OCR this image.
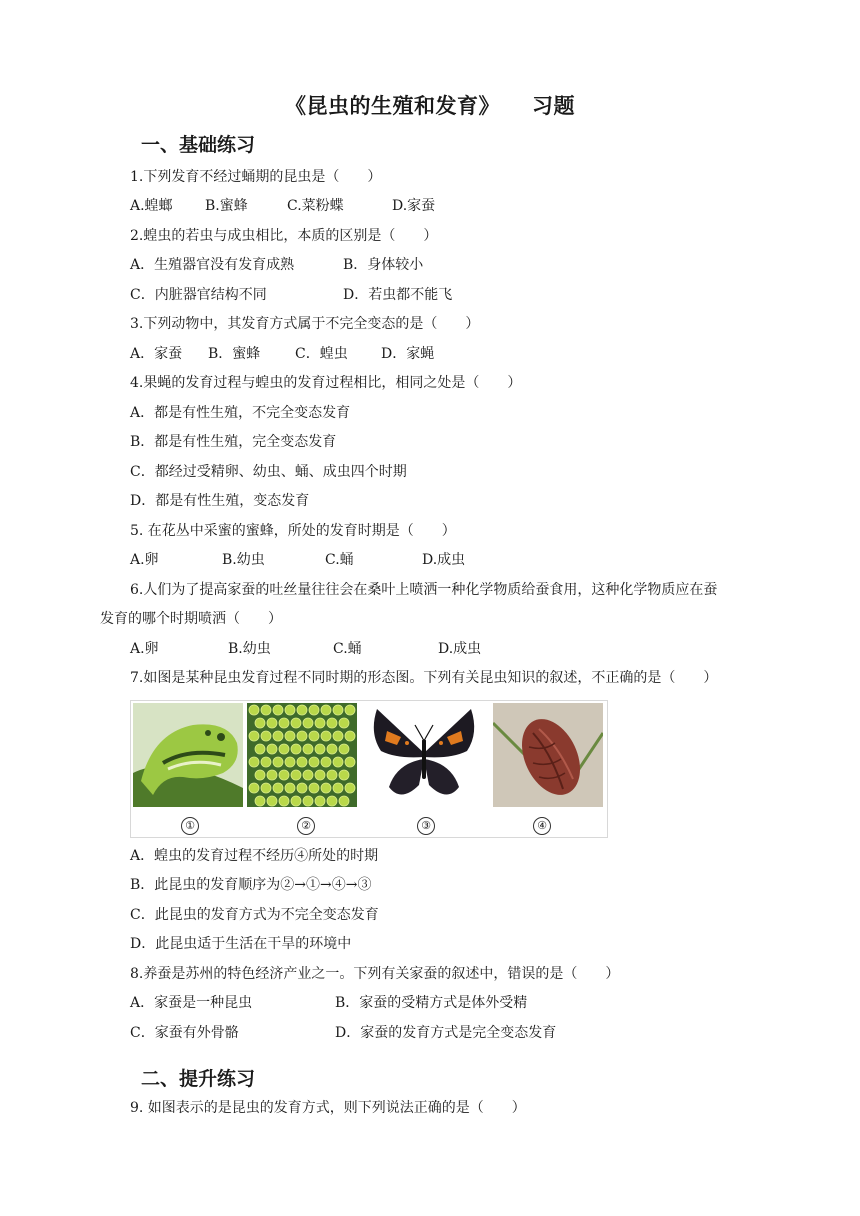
《昆虫的生殖和发育》 习题
一、基础练习
1.下列发育不经过蛹期的昆虫是（　　）
A.蝗螂 B.蜜蜂	C.菜粉蝶	D.家蚕
2.蝗虫的若虫与成虫相比，本质的区别是（　　）
A．生殖器官没有发育成熟	B．身体较小
C．内脏器官结构不同	D．若虫都不能飞
3.下列动物中，其发育方式属于不完全变态的是（　　）
A．家蚕 B．蜜蜂 C．蝗虫 D．家蝇
4.果蝇的发育过程与蝗虫的发育过程相比，相同之处是（　　）
A．都是有性生殖，不完全变态发育
B．都是有性生殖，完全变态发育
C．都经过受精卵、幼虫、蛹、成虫四个时期
D．都是有性生殖，变态发育
5. 在花丛中采蜜的蜜蜂，所处的发育时期是（　　）
A.卵	B.幼虫	C.蛹	D.成虫
6.人们为了提高家蚕的吐丝量往往会在桑叶上喷洒一种化学物质给蚕食用，这种化学物质应在蚕
发育的哪个时期喷洒（　　）
A.卵	B.幼虫	C.蛹	D.成虫
7.如图是某种昆虫发育过程不同时期的形态图。下列有关昆虫知识的叙述，不正确的是（　　）
①	②	③	④
A．蝗虫的发育过程不经历④所处的时期
B．此昆虫的发育顺序为②→①→④→③
C．此昆虫的发育方式为不完全变态发育
D．此昆虫适于生活在干旱的环境中
8.养蚕是苏州的特色经济产业之一。下列有关家蚕的叙述中，错误的是（　　）
A．家蚕是一种昆虫	B．家蚕的受精方式是体外受精
C．家蚕有外骨骼	D．家蚕的发育方式是完全变态发育
二、提升练习
9. 如图表示的是昆虫的发育方式，则下列说法正确的是（　　）
